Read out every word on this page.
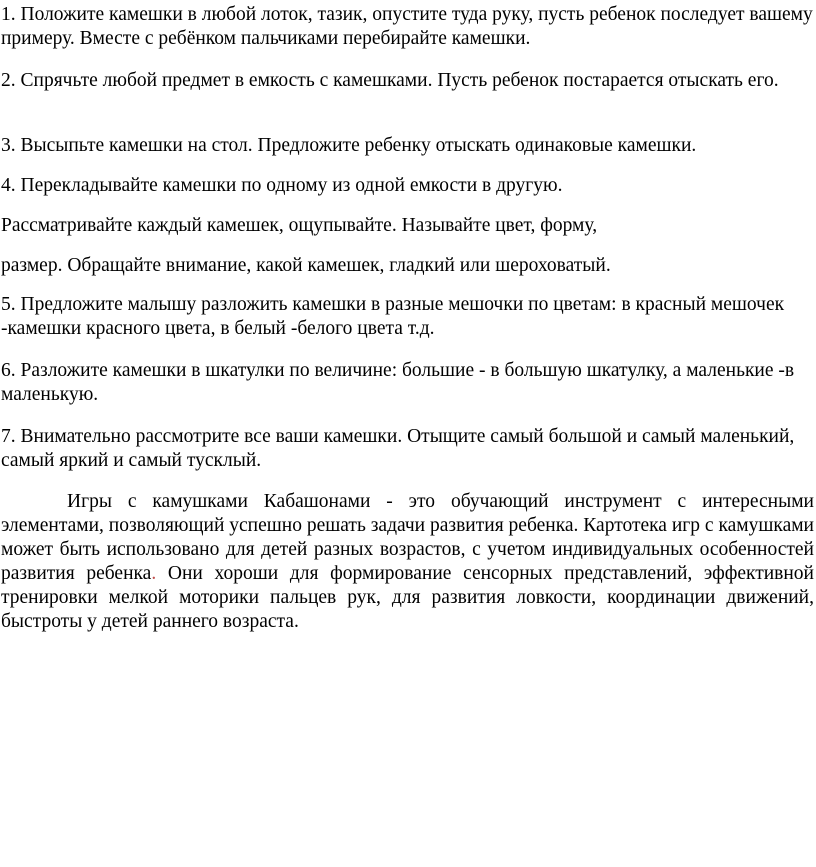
1. Положите камешки в любой лоток, тазик, опустите туда руку, пусть ребенок последует вашему примеру. Вместе с ребёнком пальчиками перебирайте камешки.

2. Спрячьте любой предмет в емкость с камешками. Пусть ребенок постарается отыскать его.

3. Высыпьте камешки на стол. Предложите ребенку отыскать одинаковые камешки.

4. Перекладывайте камешки по одному из одной емкости в другую.

Рассматривайте каждый камешек, ощупывайте. Называйте цвет, форму,

размер. Обращайте внимание, какой камешек, гладкий или шероховатый.

5. Предложите малышу разложить камешки в разные мешочки по цветам: в красный мешочек -камешки красного цвета, в белый -белого цвета т.д.

6. Разложите камешки в шкатулки по величине: большие - в большую шкатулку, а маленькие -в маленькую.

7. Внимательно рассмотрите все ваши камешки. Отыщите самый большой и самый маленький, самый яркий и самый тусклый.

Игры с камушками Кабашонами - это обучающий инструмент с интересными элементами, позволяющий успешно решать задачи развития ребенка. Картотека игр с камушками может быть использовано для детей разных возрастов, с учетом индивидуальных особенностей развития ребенка. Они хороши для формирование сенсорных представлений, эффективной тренировки мелкой моторики пальцев рук, для развития ловкости, координации движений, быстроты у детей раннего возраста.
